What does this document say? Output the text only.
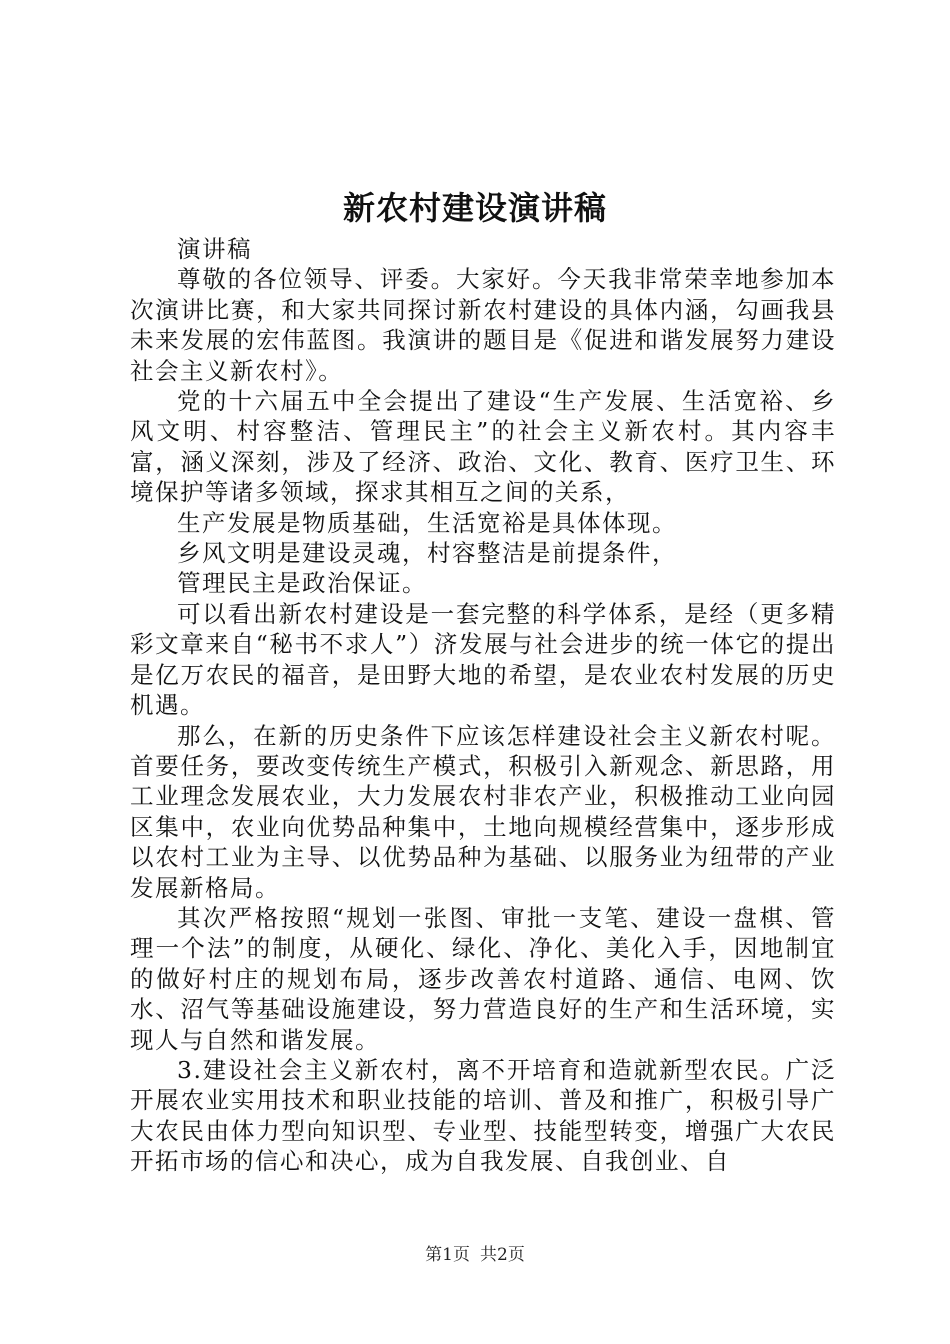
新农村建设演讲稿

演讲稿

尊敬的各位领导、评委。大家好。今天我非常荣幸地参加本次演讲比赛，和大家共同探讨新农村建设的具体内涵，勾画我县未来发展的宏伟蓝图。我演讲的题目是《促进和谐发展努力建设社会主义新农村》。

党的十六届五中全会提出了建设“生产发展、生活宽裕、乡风文明、村容整洁、管理民主”的社会主义新农村。其内容丰富，涵义深刻，涉及了经济、政治、文化、教育、医疗卫生、环境保护等诸多领域，探求其相互之间的关系，

生产发展是物质基础，生活宽裕是具体体现。

乡风文明是建设灵魂，村容整洁是前提条件，

管理民主是政治保证。

可以看出新农村建设是一套完整的科学体系，是经（更多精彩文章来自“秘书不求人”）济发展与社会进步的统一体它的提出是亿万农民的福音，是田野大地的希望，是农业农村发展的历史机遇。

那么，在新的历史条件下应该怎样建设社会主义新农村呢。首要任务，要改变传统生产模式，积极引入新观念、新思路，用工业理念发展农业，大力发展农村非农产业，积极推动工业向园区集中，农业向优势品种集中，土地向规模经营集中，逐步形成以农村工业为主导、以优势品种为基础、以服务业为纽带的产业发展新格局。

其次严格按照“规划一张图、审批一支笔、建设一盘棋、管理一个法”的制度，从硬化、绿化、净化、美化入手，因地制宜的做好村庄的规划布局，逐步改善农村道路、通信、电网、饮水、沼气等基础设施建设，努力营造良好的生产和生活环境，实现人与自然和谐发展。

3.建设社会主义新农村，离不开培育和造就新型农民。广泛开展农业实用技术和职业技能的培训、普及和推广，积极引导广大农民由体力型向知识型、专业型、技能型转变，增强广大农民开拓市场的信心和决心，成为自我发展、自我创业、自

第1页 共2页
